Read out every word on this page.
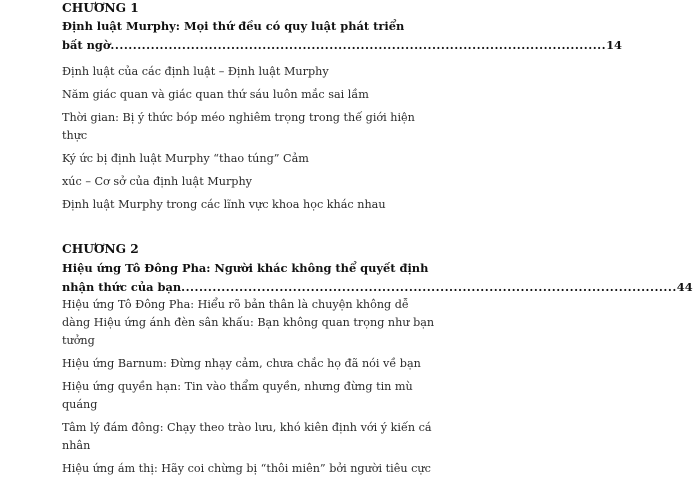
CHƯƠNG 1
Định luật Murphy: Mọi thứ đều có quy luật phát triển
bất ngờ ............................................................................................................... 14
Định luật của các định luật – Định luật Murphy
Năm giác quan và giác quan thứ sáu luôn mắc sai lầm
Thời gian: Bị ý thức bóp méo nghiêm trọng trong thế giới hiện
thực
Ký ức bị định luật Murphy “thao túng” Cảm
xúc – Cơ sở của định luật Murphy
Định luật Murphy trong các lĩnh vực khoa học khác nhau
CHƯƠNG 2
Hiệu ứng Tô Đông Pha: Người khác không thể quyết định
nhận thức của bạn ............................................................................................................... 44
Hiệu ứng Tô Đông Pha: Hiểu rõ bản thân là chuyện không dễ
dàng Hiệu ứng ánh đèn sân khấu: Bạn không quan trọng như bạn
tưởng
Hiệu ứng Barnum: Đừng nhạy cảm, chưa chắc họ đã nói về bạn
Hiệu ứng quyền hạn: Tin vào thẩm quyền, nhưng đừng tin mù
quáng
Tâm lý đám đông: Chạy theo trào lưu, khó kiên định với ý kiến cá
nhân
Hiệu ứng ám thị: Hãy coi chừng bị “thôi miên” bởi người tiêu cực
